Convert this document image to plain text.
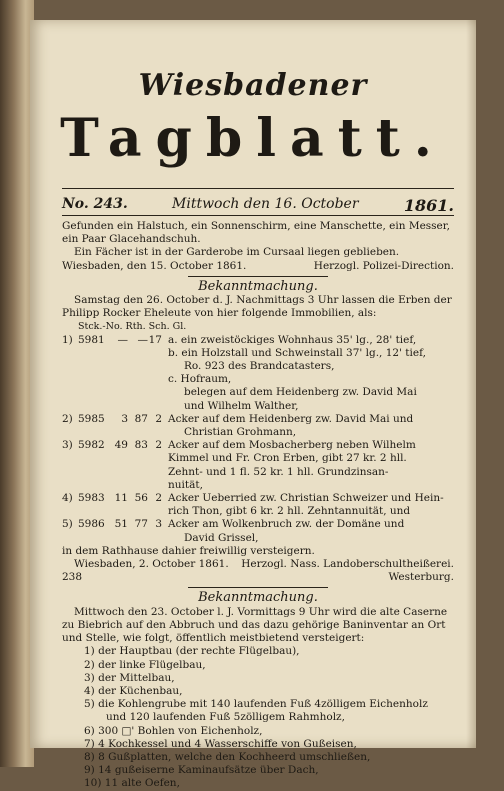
Wiesbadener
Tagblatt.
No. 243.	Mittwoch den 16. October	1861.

Gefunden ein Halstuch, ein Sonnenschirm, eine Manschette, ein Messer,

ein Paar Glacehandschuh.

Ein Fächer ist in der Garderobe im Cursaal liegen geblieben.

Wiesbaden, den 15. October 1861.	Herzogl. Polizei-Direction.
Bekanntmachung.

Samstag den 26. October d. J. Nachmittags 3 Uhr lassen die Erben der

Philipp Rocker Eheleute von hier folgende Immobilien, als:

Stck.-No. Rth. Sch. Gl.

1) 5981	— — 17 a. ein zweistöckiges Wohnhaus 35' lg., 28' tief,

b. ein Holzstall und Schweinstall 37' lg., 12' tief,

Ro. 923 des Brandcatasters,

c. Hofraum,

belegen auf dem Heidenberg zw. David Mai

und Wilhelm Walther,

2) 5985	3 87 2 Acker auf dem Heidenberg zw. David Mai und

Christian Grohmann,

3) 5982 49 83 2 Acker auf dem Mosbacherberg neben Wilhelm

Kimmel und Fr. Cron Erben, gibt 27 kr. 2 hll.

Zehnt- und 1 fl. 52 kr. 1 hll. Grundzinsan-

nuität,

4) 5983 11 56 2 Acker Ueberried zw. Christian Schweizer und Hein-

rich Thon, gibt 6 kr. 2 hll. Zehntannuität, und

5) 5986 51 77 3 Acker am Wolkenbruch zw. der Domäne und

David Grissel,

in dem Rathhause dahier freiwillig versteigern.

Wiesbaden, 2. October 1861.	Herzogl. Nass. Landoberschultheißerei.
238	Westerburg.
Bekanntmachung.

Mittwoch den 23. October l. J. Vormittags 9 Uhr wird die alte Caserne

zu Biebrich auf den Abbruch und das dazu gehörige Baninventar an Ort

und Stelle, wie folgt, öffentlich meistbietend versteigert:

1) der Hauptbau (der rechte Flügelbau),

2) der linke Flügelbau,

3) der Mittelbau,

4) der Küchenbau,

5) die Kohlengrube mit 140 laufenden Fuß 4zölligem Eichenholz

und 120 laufenden Fuß 5zölligem Rahmholz,

6) 300 □' Bohlen von Eichenholz,

7) 4 Kochkessel und 4 Wasserschiffe von Gußeisen,

8) 8 Gußplatten, welche den Kochheerd umschließen,

9) 14 gußeiserne Kaminaufsätze über Dach,

10) 11 alte Oefen,
